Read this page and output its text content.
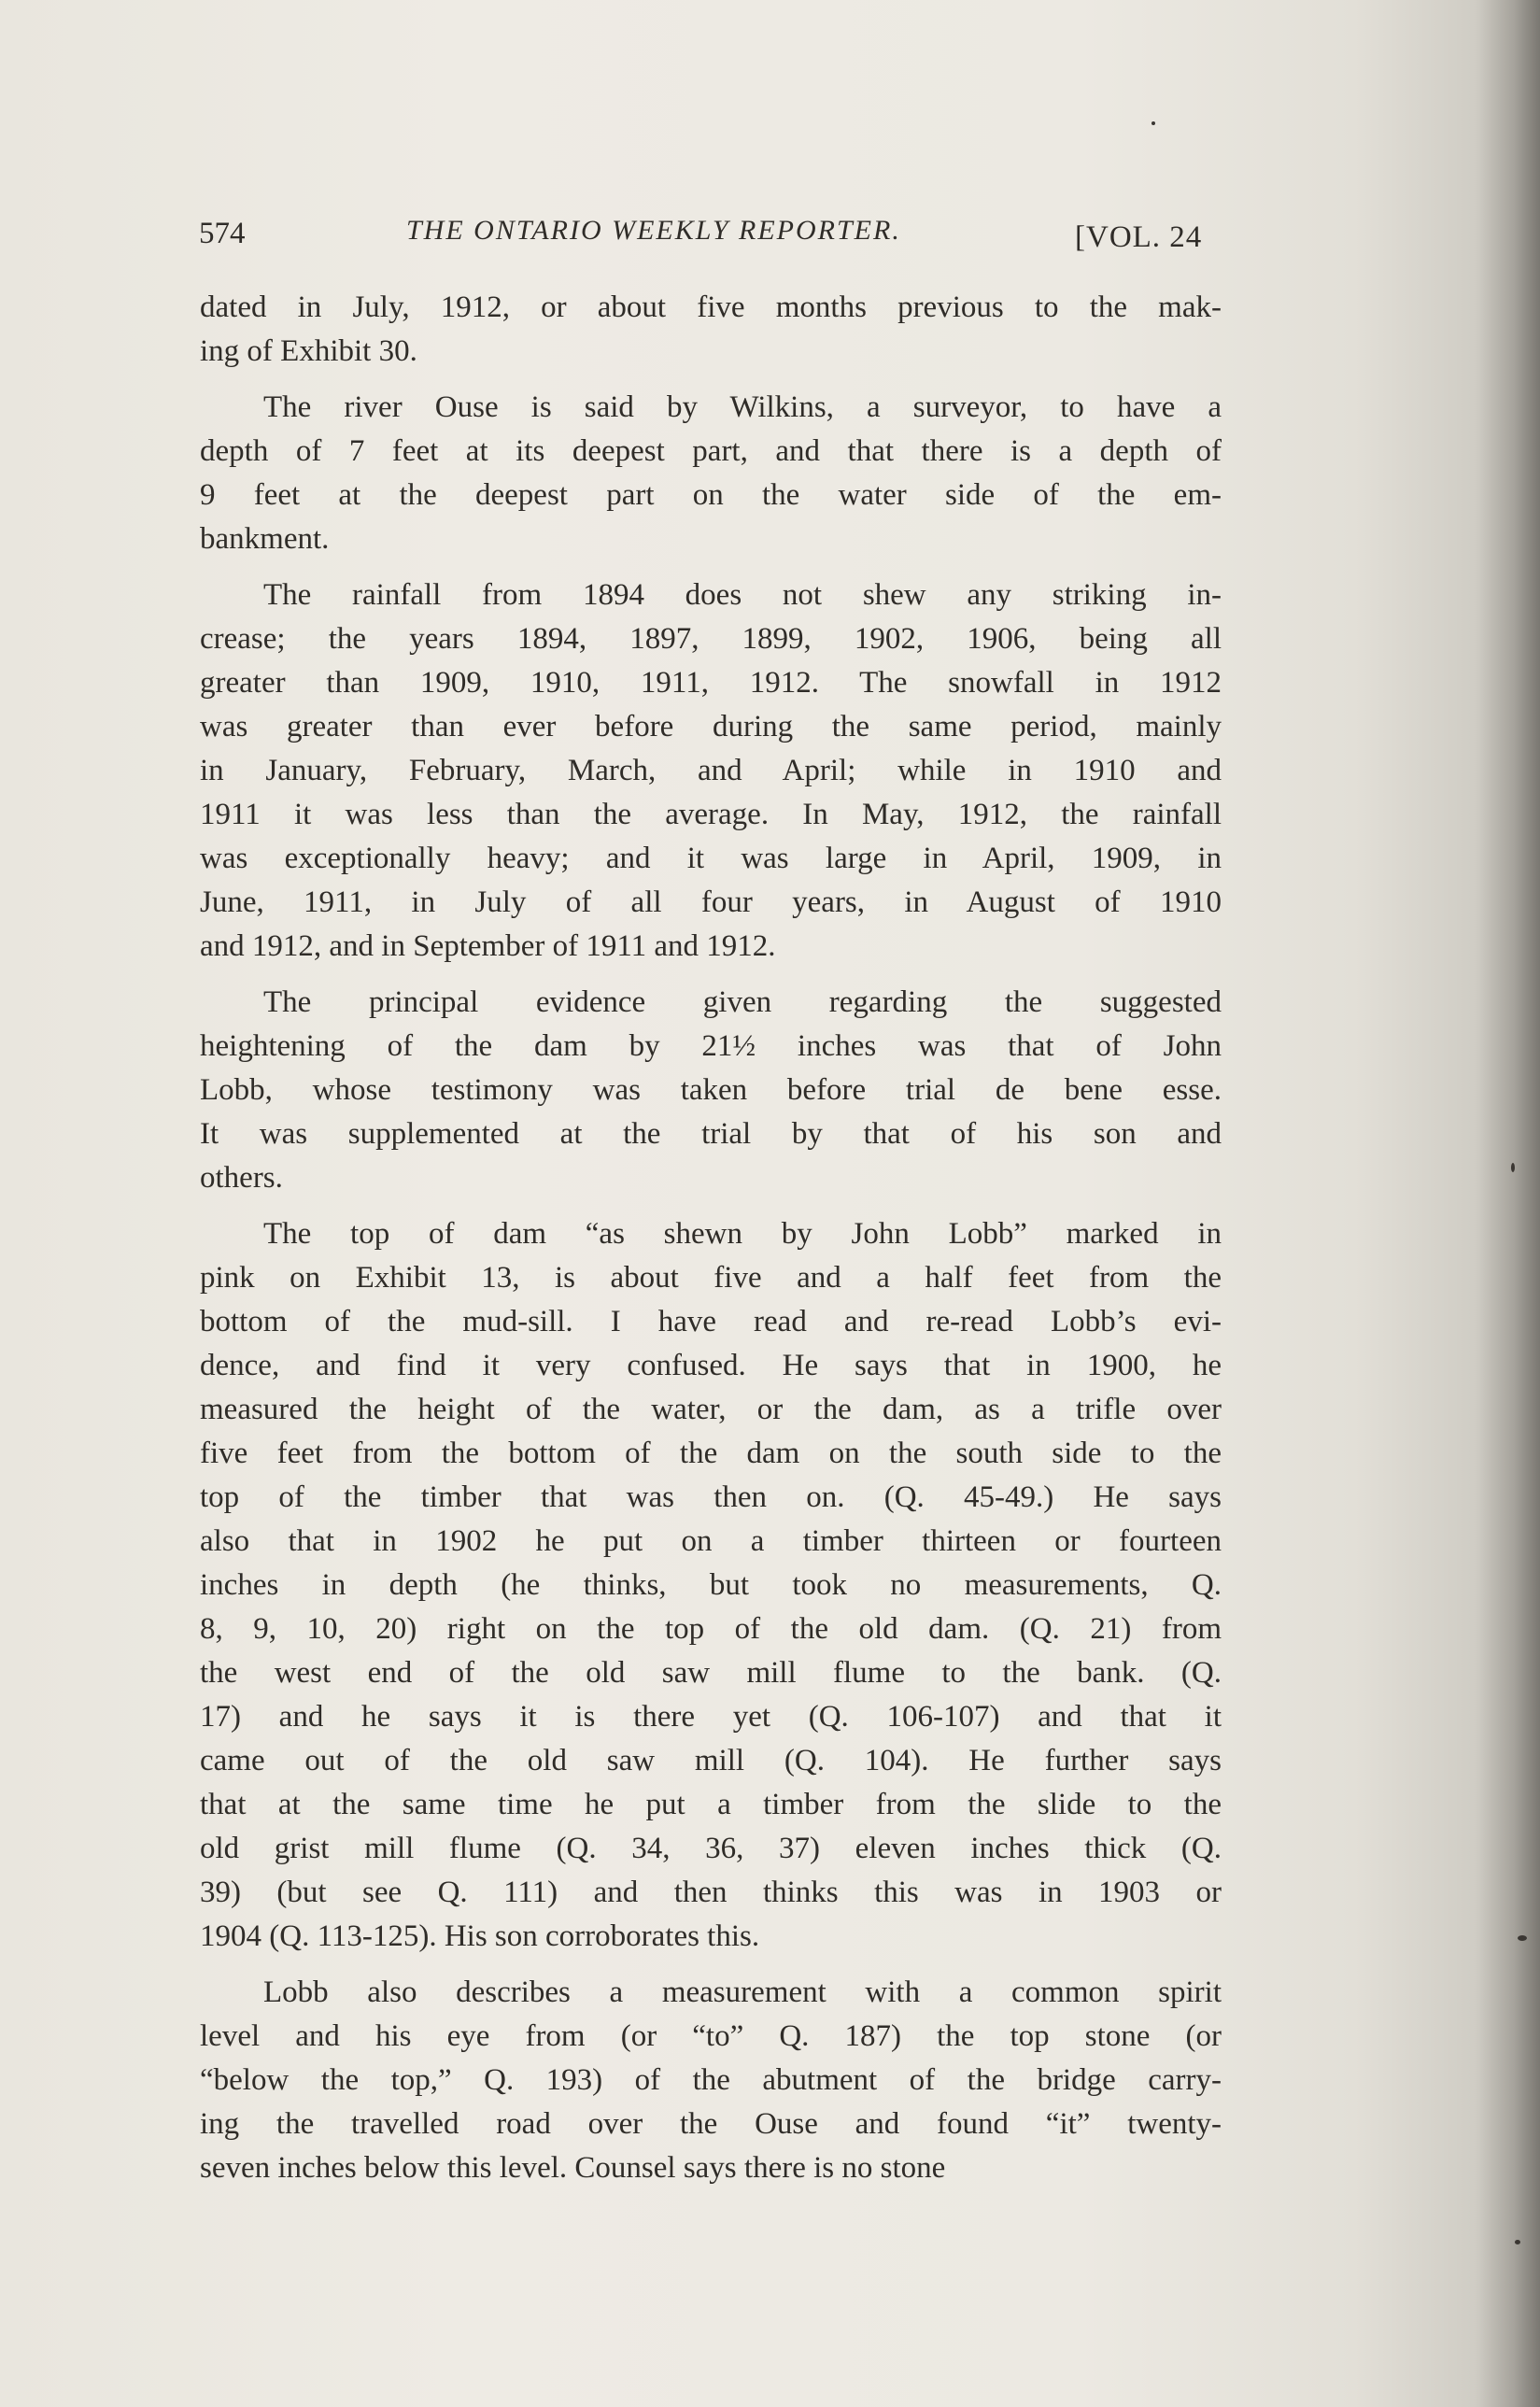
574	THE ONTARIO WEEKLY REPORTER.	[VOL. 24
dated in July, 1912, or about five months previous to the mak-
ing of Exhibit 30.
The river Ouse is said by Wilkins, a surveyor, to have a
depth of 7 feet at its deepest part, and that there is a depth of
9 feet at the deepest part on the water side of the em-
bankment.
The rainfall from 1894 does not shew any striking in-
crease; the years 1894, 1897, 1899, 1902, 1906, being all
greater than 1909, 1910, 1911, 1912. The snowfall in 1912
was greater than ever before during the same period, mainly
in January, February, March, and April; while in 1910 and
1911 it was less than the average. In May, 1912, the rainfall
was exceptionally heavy; and it was large in April, 1909, in
June, 1911, in July of all four years, in August of 1910
and 1912, and in September of 1911 and 1912.
The principal evidence given regarding the suggested
heightening of the dam by 21½ inches was that of John
Lobb, whose testimony was taken before trial de bene esse.
It was supplemented at the trial by that of his son and
others.
The top of dam “as shewn by John Lobb” marked in
pink on Exhibit 13, is about five and a half feet from the
bottom of the mud-sill. I have read and re-read Lobb’s evi-
dence, and find it very confused. He says that in 1900, he
measured the height of the water, or the dam, as a trifle over
five feet from the bottom of the dam on the south side to the
top of the timber that was then on. (Q. 45-49.) He says
also that in 1902 he put on a timber thirteen or fourteen
inches in depth (he thinks, but took no measurements, Q.
8, 9, 10, 20) right on the top of the old dam. (Q. 21) from
the west end of the old saw mill flume to the bank. (Q.
17) and he says it is there yet (Q. 106-107) and that it
came out of the old saw mill (Q. 104). He further says
that at the same time he put a timber from the slide to the
old grist mill flume (Q. 34, 36, 37) eleven inches thick (Q.
39) (but see Q. 111) and then thinks this was in 1903 or
1904 (Q. 113-125). His son corroborates this.
Lobb also describes a measurement with a common spirit
level and his eye from (or “to” Q. 187) the top stone (or
“below the top,” Q. 193) of the abutment of the bridge carry-
ing the travelled road over the Ouse and found “it” twenty-
seven inches below this level. Counsel says there is no stone
